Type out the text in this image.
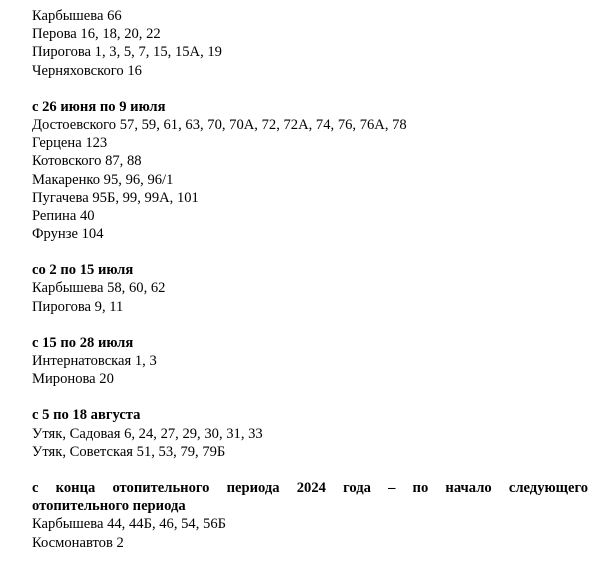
Карбышева 66
Перова 16, 18, 20, 22
Пирогова 1, 3, 5, 7, 15, 15А, 19
Черняховского 16
с 26 июня по 9 июля
Достоевского 57, 59, 61, 63, 70, 70А, 72, 72А, 74, 76, 76А, 78
Герцена 123
Котовского 87, 88
Макаренко 95, 96, 96/1
Пугачева 95Б, 99, 99А, 101
Репина 40
Фрунзе 104
со 2 по 15 июля
Карбышева 58, 60, 62
Пирогова 9, 11
с 15 по 28 июля
Интернатовская 1, 3
Миронова 20
с 5 по 18 августа
Утяк, Садовая 6, 24, 27, 29, 30, 31, 33
Утяк, Советская 51, 53, 79, 79Б
с конца отопительного периода 2024 года – по начало следующего
отопительного периода
Карбышева 44, 44Б, 46, 54, 56Б
Космонавтов 2
